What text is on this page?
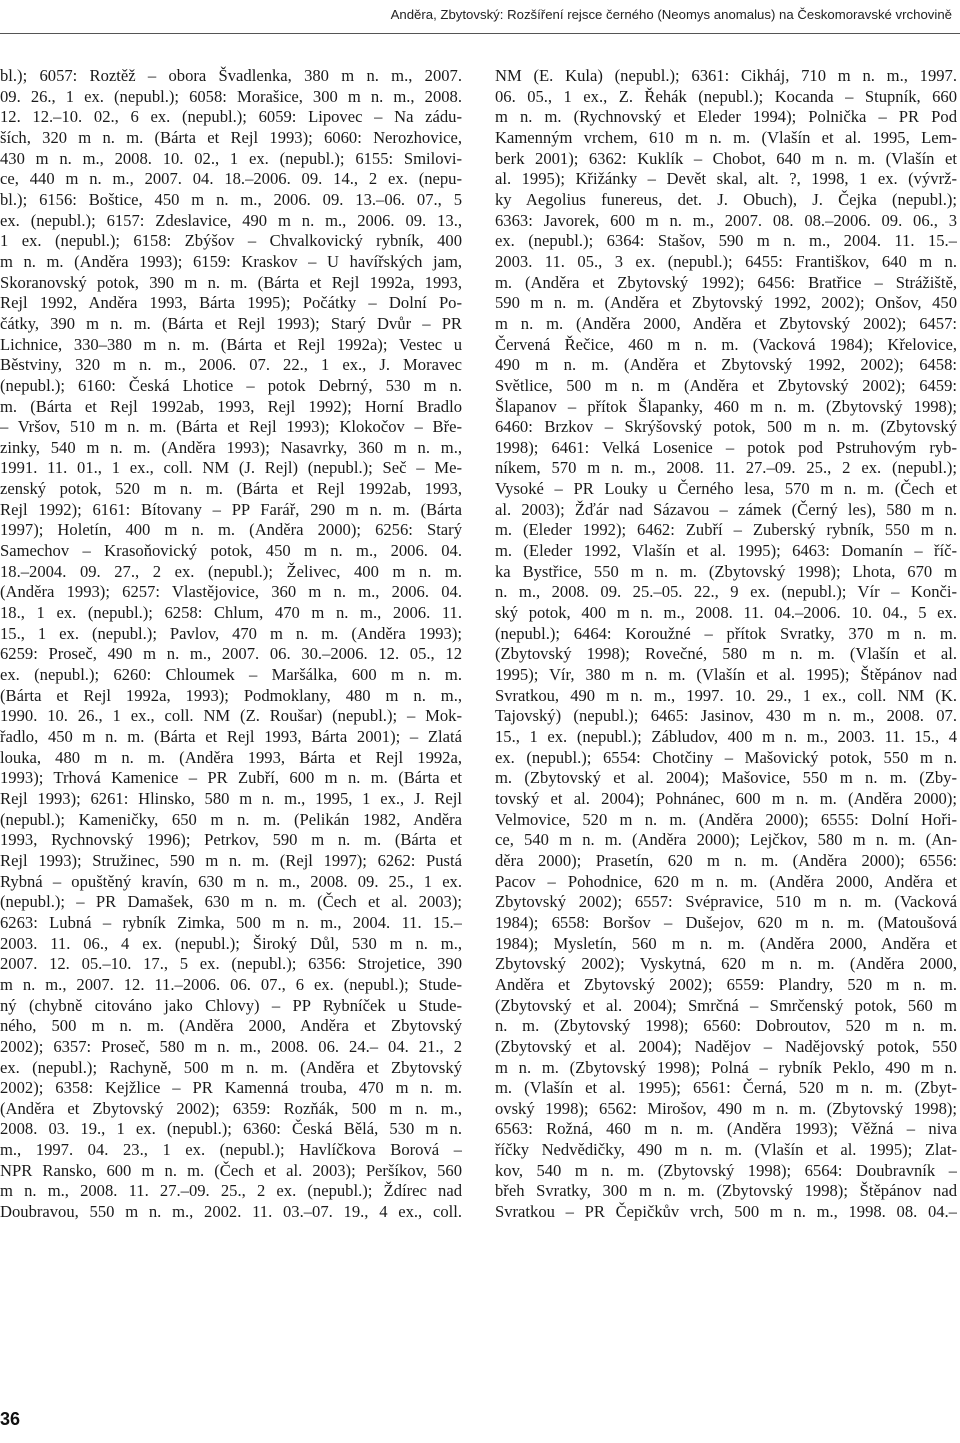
Anděra, Zbytovský: Rozšíření rejsce černého (Neomys anomalus) na Českomoravské vrchovině
bl.); 6057: Roztěž – obora Švadlenka, 380 m n. m., 2007.
09. 26., 1 ex. (nepubl.); 6058: Morašice, 300 m n. m., 2008.
12. 12.–10. 02., 6 ex. (nepubl.); 6059: Lipovec – Na zádu-
ších, 320 m n. m. (Bárta et Rejl 1993); 6060: Nerozhovice,
430 m n. m., 2008. 10. 02., 1 ex. (nepubl.); 6155: Smilovi-
ce, 440 m n. m., 2007. 04. 18.–2006. 09. 14., 2 ex. (nepu-
bl.); 6156: Boštice, 450 m n. m., 2006. 09. 13.–06. 07., 5
ex. (nepubl.); 6157: Zdeslavice, 490 m n. m., 2006. 09. 13.,
1 ex. (nepubl.); 6158: Zbýšov – Chvalkovický rybník, 400
m n. m. (Anděra 1993); 6159: Kraskov – U havířských jam,
Skoranovský potok, 390 m n. m. (Bárta et Rejl 1992a, 1993,
Rejl 1992, Anděra 1993, Bárta 1995); Počátky – Dolní Po-
čátky, 390 m n. m. (Bárta et Rejl 1993); Starý Dvůr – PR
Lichnice, 330–380 m n. m. (Bárta et Rejl 1992a); Vestec u
Běstviny, 320 m n. m., 2006. 07. 22., 1 ex., J. Moravec
(nepubl.); 6160: Česká Lhotice – potok Debrný, 530 m n.
m. (Bárta et Rejl 1992ab, 1993, Rejl 1992); Horní Bradlo
– Vršov, 510 m n. m. (Bárta et Rejl 1993); Klokočov – Bře-
zinky, 540 m n. m. (Anděra 1993); Nasavrky, 360 m n. m.,
1991. 11. 01., 1 ex., coll. NM (J. Rejl) (nepubl.); Seč – Me-
zenský potok, 520 m n. m. (Bárta et Rejl 1992ab, 1993,
Rejl 1992); 6161: Bítovany – PP Farář, 290 m n. m. (Bárta
1997); Holetín, 400 m n. m. (Anděra 2000); 6256: Starý
Samechov – Krasoňovický potok, 450 m n. m., 2006. 04.
18.–2004. 09. 27., 2 ex. (nepubl.); Želivec, 400 m n. m.
(Anděra 1993); 6257: Vlastějovice, 360 m n. m., 2006. 04.
18., 1 ex. (nepubl.); 6258: Chlum, 470 m n. m., 2006. 11.
15., 1 ex. (nepubl.); Pavlov, 470 m n. m. (Anděra 1993);
6259: Proseč, 490 m n. m., 2007. 06. 30.–2006. 12. 05., 12
ex. (nepubl.); 6260: Chloumek – Maršálka, 600 m n. m.
(Bárta et Rejl 1992a, 1993); Podmoklany, 480 m n. m.,
1990. 10. 26., 1 ex., coll. NM (Z. Roušar) (nepubl.); – Mok-
řadlo, 450 m n. m. (Bárta et Rejl 1993, Bárta 2001); – Zlatá
louka, 480 m n. m. (Anděra 1993, Bárta et Rejl 1992a,
1993); Trhová Kamenice – PR Zubří, 600 m n. m. (Bárta et
Rejl 1993); 6261: Hlinsko, 580 m n. m., 1995, 1 ex., J. Rejl
(nepubl.); Kameničky, 650 m n. m. (Pelikán 1982, Anděra
1993, Rychnovský 1996); Petrkov, 590 m n. m. (Bárta et
Rejl 1993); Stružinec, 590 m n. m. (Rejl 1997); 6262: Pustá
Rybná – opuštěný kravín, 630 m n. m., 2008. 09. 25., 1 ex.
(nepubl.); – PR Damašek, 630 m n. m. (Čech et al. 2003);
6263: Lubná – rybník Zimka, 500 m n. m., 2004. 11. 15.–
2003. 11. 06., 4 ex. (nepubl.); Široký Důl, 530 m n. m.,
2007. 12. 05.–10. 17., 5 ex. (nepubl.); 6356: Strojetice, 390
m n. m., 2007. 12. 11.–2006. 06. 07., 6 ex. (nepubl.); Stude-
ný (chybně citováno jako Chlovy) – PP Rybníček u Stude-
ného, 500 m n. m. (Anděra 2000, Anděra et Zbytovský
2002); 6357: Proseč, 580 m n. m., 2008. 06. 24.– 04. 21., 2
ex. (nepubl.); Rachyně, 500 m n. m. (Anděra et Zbytovský
2002); 6358: Kejžlice – PR Kamenná trouba, 470 m n. m.
(Anděra et Zbytovský 2002); 6359: Rozňák, 500 m n. m.,
2008. 03. 19., 1 ex. (nepubl.); 6360: Česká Bělá, 530 m n.
m., 1997. 04. 23., 1 ex. (nepubl.); Havlíčkova Borová –
NPR Ransko, 600 m n. m. (Čech et al. 2003); Peršíkov, 560
m n. m., 2008. 11. 27.–09. 25., 2 ex. (nepubl.); Ždírec nad
Doubravou, 550 m n. m., 2002. 11. 03.–07. 19., 4 ex., coll.
NM (E. Kula) (nepubl.); 6361: Cikháj, 710 m n. m., 1997.
06. 05., 1 ex., Z. Řehák (nepubl.); Kocanda – Stupník, 660
m n. m. (Rychnovský et Eleder 1994); Polnička – PR Pod
Kamenným vrchem, 610 m n. m. (Vlašín et al. 1995, Lem-
berk 2001); 6362: Kuklík – Chobot, 640 m n. m. (Vlašín et
al. 1995); Křižánky – Devět skal, alt. ?, 1998, 1 ex. (vývrž-
ky Aegolius funereus, det. J. Obuch), J. Čejka (nepubl.);
6363: Javorek, 600 m n. m., 2007. 08. 08.–2006. 09. 06., 3
ex. (nepubl.); 6364: Stašov, 590 m n. m., 2004. 11. 15.–
2003. 11. 05., 3 ex. (nepubl.); 6455: Františkov, 640 m n.
m. (Anděra et Zbytovský 1992); 6456: Bratřice – Strážiště,
590 m n. m. (Anděra et Zbytovský 1992, 2002); Onšov, 450
m n. m. (Anděra 2000, Anděra et Zbytovský 2002); 6457:
Červená Řečice, 460 m n. m. (Vacková 1984); Křelovice,
490 m n. m. (Anděra et Zbytovský 1992, 2002); 6458:
Světlice, 500 m n. m (Anděra et Zbytovský 2002); 6459:
Šlapanov – přítok Šlapanky, 460 m n. m. (Zbytovský 1998);
6460: Brzkov – Skrýšovský potok, 500 m n. m. (Zbytovský
1998); 6461: Velká Losenice – potok pod Pstruhovým ryb-
níkem, 570 m n. m., 2008. 11. 27.–09. 25., 2 ex. (nepubl.);
Vysoké – PR Louky u Černého lesa, 570 m n. m. (Čech et
al. 2003); Žďár nad Sázavou – zámek (Černý les), 580 m n.
m. (Eleder 1992); 6462: Zubří – Zuberský rybník, 550 m n.
m. (Eleder 1992, Vlašín et al. 1995); 6463: Domanín – říč-
ka Bystřice, 550 m n. m. (Zbytovský 1998); Lhota, 670 m
n. m., 2008. 09. 25.–05. 22., 9 ex. (nepubl.); Vír – Konči-
ský potok, 400 m n. m., 2008. 11. 04.–2006. 10. 04., 5 ex.
(nepubl.); 6464: Koroužné – přítok Svratky, 370 m n. m.
(Zbytovský 1998); Rovečné, 580 m n. m. (Vlašín et al.
1995); Vír, 380 m n. m. (Vlašín et al. 1995); Štěpánov nad
Svratkou, 490 m n. m., 1997. 10. 29., 1 ex., coll. NM (K.
Tajovský) (nepubl.); 6465: Jasinov, 430 m n. m., 2008. 07.
15., 1 ex. (nepubl.); Zábludov, 400 m n. m., 2003. 11. 15., 4
ex. (nepubl.); 6554: Chotčiny – Mašovický potok, 550 m n.
m. (Zbytovský et al. 2004); Mašovice, 550 m n. m. (Zby-
tovský et al. 2004); Pohnánec, 600 m n. m. (Anděra 2000);
Velmovice, 520 m n. m. (Anděra 2000); 6555: Dolní Hoři-
ce, 540 m n. m. (Anděra 2000); Lejčkov, 580 m n. m. (An-
děra 2000); Prasetín, 620 m n. m. (Anděra 2000); 6556:
Pacov – Pohodnice, 620 m n. m. (Anděra 2000, Anděra et
Zbytovský 2002); 6557: Svépravice, 510 m n. m. (Vacková
1984); 6558: Boršov – Dušejov, 620 m n. m. (Matoušová
1984); Mysletín, 560 m n. m. (Anděra 2000, Anděra et
Zbytovský 2002); Vyskytná, 620 m n. m. (Anděra 2000,
Anděra et Zbytovský 2002); 6559: Plandry, 520 m n. m.
(Zbytovský et al. 2004); Smrčná – Smrčenský potok, 560 m
n. m. (Zbytovský 1998); 6560: Dobroutov, 520 m n. m.
(Zbytovský et al. 2004); Nadějov – Nadějovský potok, 550
m n. m. (Zbytovský 1998); Polná – rybník Peklo, 490 m n.
m. (Vlašín et al. 1995); 6561: Černá, 520 m n. m. (Zbyt-
ovský 1998); 6562: Mirošov, 490 m n. m. (Zbytovský 1998);
6563: Rožná, 460 m n. m. (Anděra 1993); Věžná – niva
říčky Nedvědičky, 490 m n. m. (Vlašín et al. 1995); Zlat-
kov, 540 m n. m. (Zbytovský 1998); 6564: Doubravník –
břeh Svratky, 300 m n. m. (Zbytovský 1998); Štěpánov nad
Svratkou – PR Čepičkův vrch, 500 m n. m., 1998. 08. 04.–
36
